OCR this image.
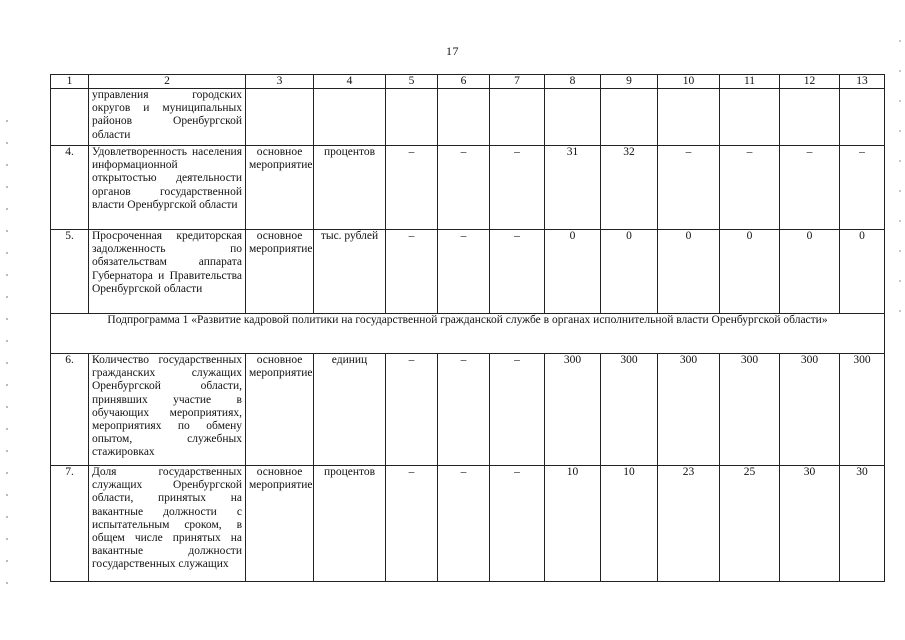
17
1	2	3	4	5	6	7	8	9	10	11	12	13
	управления городских округов и муниципальных районов Оренбургской области											
4.	Удовлетворенность населения информационной открытостью деятельности органов государственной власти Оренбургской области	основное мероприятие	процентов	–	–	–	31	32	–	–	–	–
5.	Просроченная кредиторская задолженность по обязательствам аппарата Губернатора и Правительства Оренбургской области	основное мероприятие	тыс. рублей	–	–	–	0	0	0	0	0	0
Подпрограмма 1 «Развитие кадровой политики на государственной гражданской службе в органах исполнительной власти Оренбургской области»												
6.	Количество государственных гражданских служащих Оренбургской области, принявших участие в обучающих мероприятиях, мероприятиях по обмену опытом, служебных стажировках	основное мероприятие	единиц	–	–	–	300	300	300	300	300	300
7.	Доля государственных служащих Оренбургской области, принятых на вакантные должности с испытательным сроком, в общем числе принятых на вакантные должности государственных служащих	основное мероприятие	процентов	–	–	–	10	10	23	25	30	30
